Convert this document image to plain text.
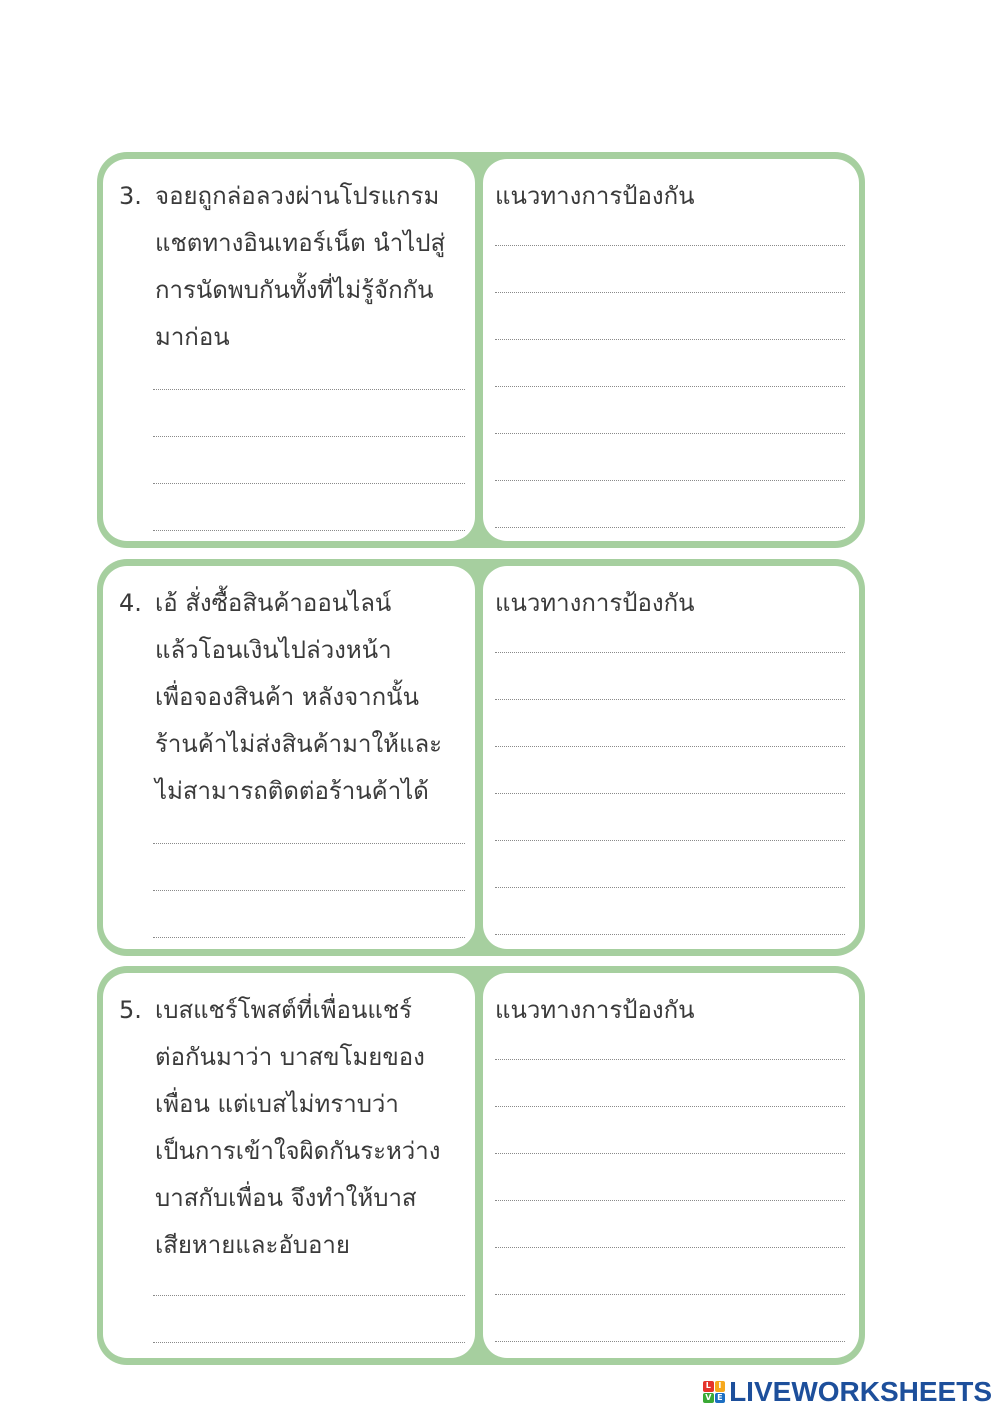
3. จอยถูกล่อลวงผ่านโปรแกรม
แชตทางอินเทอร์เน็ต นำไปสู่
การนัดพบกันทั้งที่ไม่รู้จักกัน
มาก่อน
แนวทางการป้องกัน
4. เอ้ สั่งซื้อสินค้าออนไลน์
แล้วโอนเงินไปล่วงหน้า
เพื่อจองสินค้า หลังจากนั้น
ร้านค้าไม่ส่งสินค้ามาให้และ
ไม่สามารถติดต่อร้านค้าได้
แนวทางการป้องกัน
5. เบสแชร์โพสต์ที่เพื่อนแชร์
ต่อกันมาว่า บาสขโมยของ
เพื่อน แต่เบสไม่ทราบว่า
เป็นการเข้าใจผิดกันระหว่าง
บาสกับเพื่อน จึงทำให้บาส
เสียหายและอับอาย
แนวทางการป้องกัน
L I
V E LIVEWORKSHEETS
